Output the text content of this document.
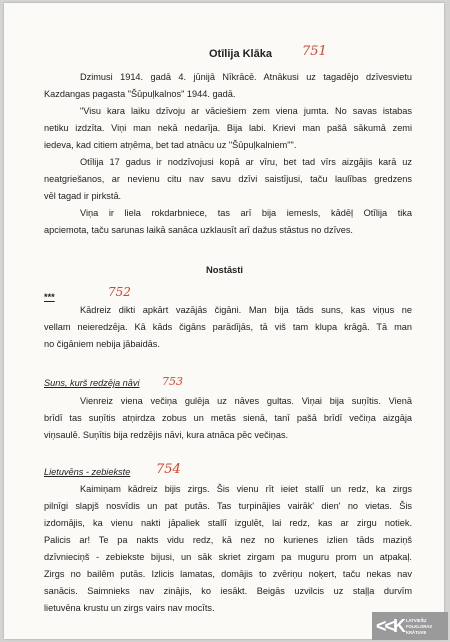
Otīlija Klāka 751
Dzimusi 1914. gadā 4. jūnijā Nīkrācē. Atnākusi uz tagadējo dzīvesvietu
Kazdangas pagasta "Šūpuļkalnos" 1944. gadā.
"Visu kara laiku dzīvoju ar vāciešiem zem viena jumta. No savas istabas
netiku izdzīta. Viņi man nekā nedarīja. Bija labi. Krievi man pašā sākumā zemi
iedeva, kad citiem atņēma, bet tad atnācu uz "Šūpuļkalniem"".
Otīlija 17 gadus ir nodzīvojusi kopā ar vīru, bet tad vīrs aizgājis karā uz
neatgriešanos, ar nevienu citu nav savu dzīvi saistījusi, taču laulības gredzens
vēl tagad ir pirkstā.
Viņa ir liela rokdarbniece, tas arī bija iemesls, kādēļ Otīlija tika
apciemota, taču sarunas laikā sanāca uzklausīt arī dažus stāstus no dzīves.
Nostāsti
***	752
Kādreiz dikti apkārt vazājās čigāni. Man bija tāds suns, kas viņus ne
vellam neieredzēja. Kā kāds čigāns parādījās, tā viš tam klupa krāgā. Tā man
no čigāniem nebija jābaidās.
Suns, kurš redzēja nāvi 753
Vienreiz vienа večiņa gulēja uz nāves gultas. Viņai bija suņītis. Vienā
brīdī tas suņītis atņirdza zobus un metās sienā, tanī pašā brīdī večiņa aizgāja
viņsaulē. Suņītis bija redzējis nāvi, kura atnāca pēc večiņas.
Lietuvēns - zebiekste 754
Kaimiņam kādreiz bijis zirgs. Šis vienu rīt ieiet stallī un redz, ka zirgs
pilnīgi slapjš nosvīdis un pat putās. Tas turpinājies vairāk' dien' no vietas. Šis
izdomājis, ka vienu nakti jāpaliek stallī izgulēt, lai redz, kas ar zirgu notiek.
Palicis ar! Te pa nakts vidu redz, kā nez no kurienes izlien tāds maziņš
dzīvnieciņš - zebiekste bijusi, un sāk skriet zirgam pa muguru prom un atpakaļ.
Zirgs no bailēm putās. Izlicis lamatas, domājis to zvēriņu noķert, taču nekas nav
sanācis. Saimnieks nav zinājis, ko iesākt. Beigās uzvilcis uz staļļa durvīm
lietuvēna krustu un zirgs vairs nav mocīts.
<<K LATVIEŠU
FOLKLORAS
KRĀTUVE
